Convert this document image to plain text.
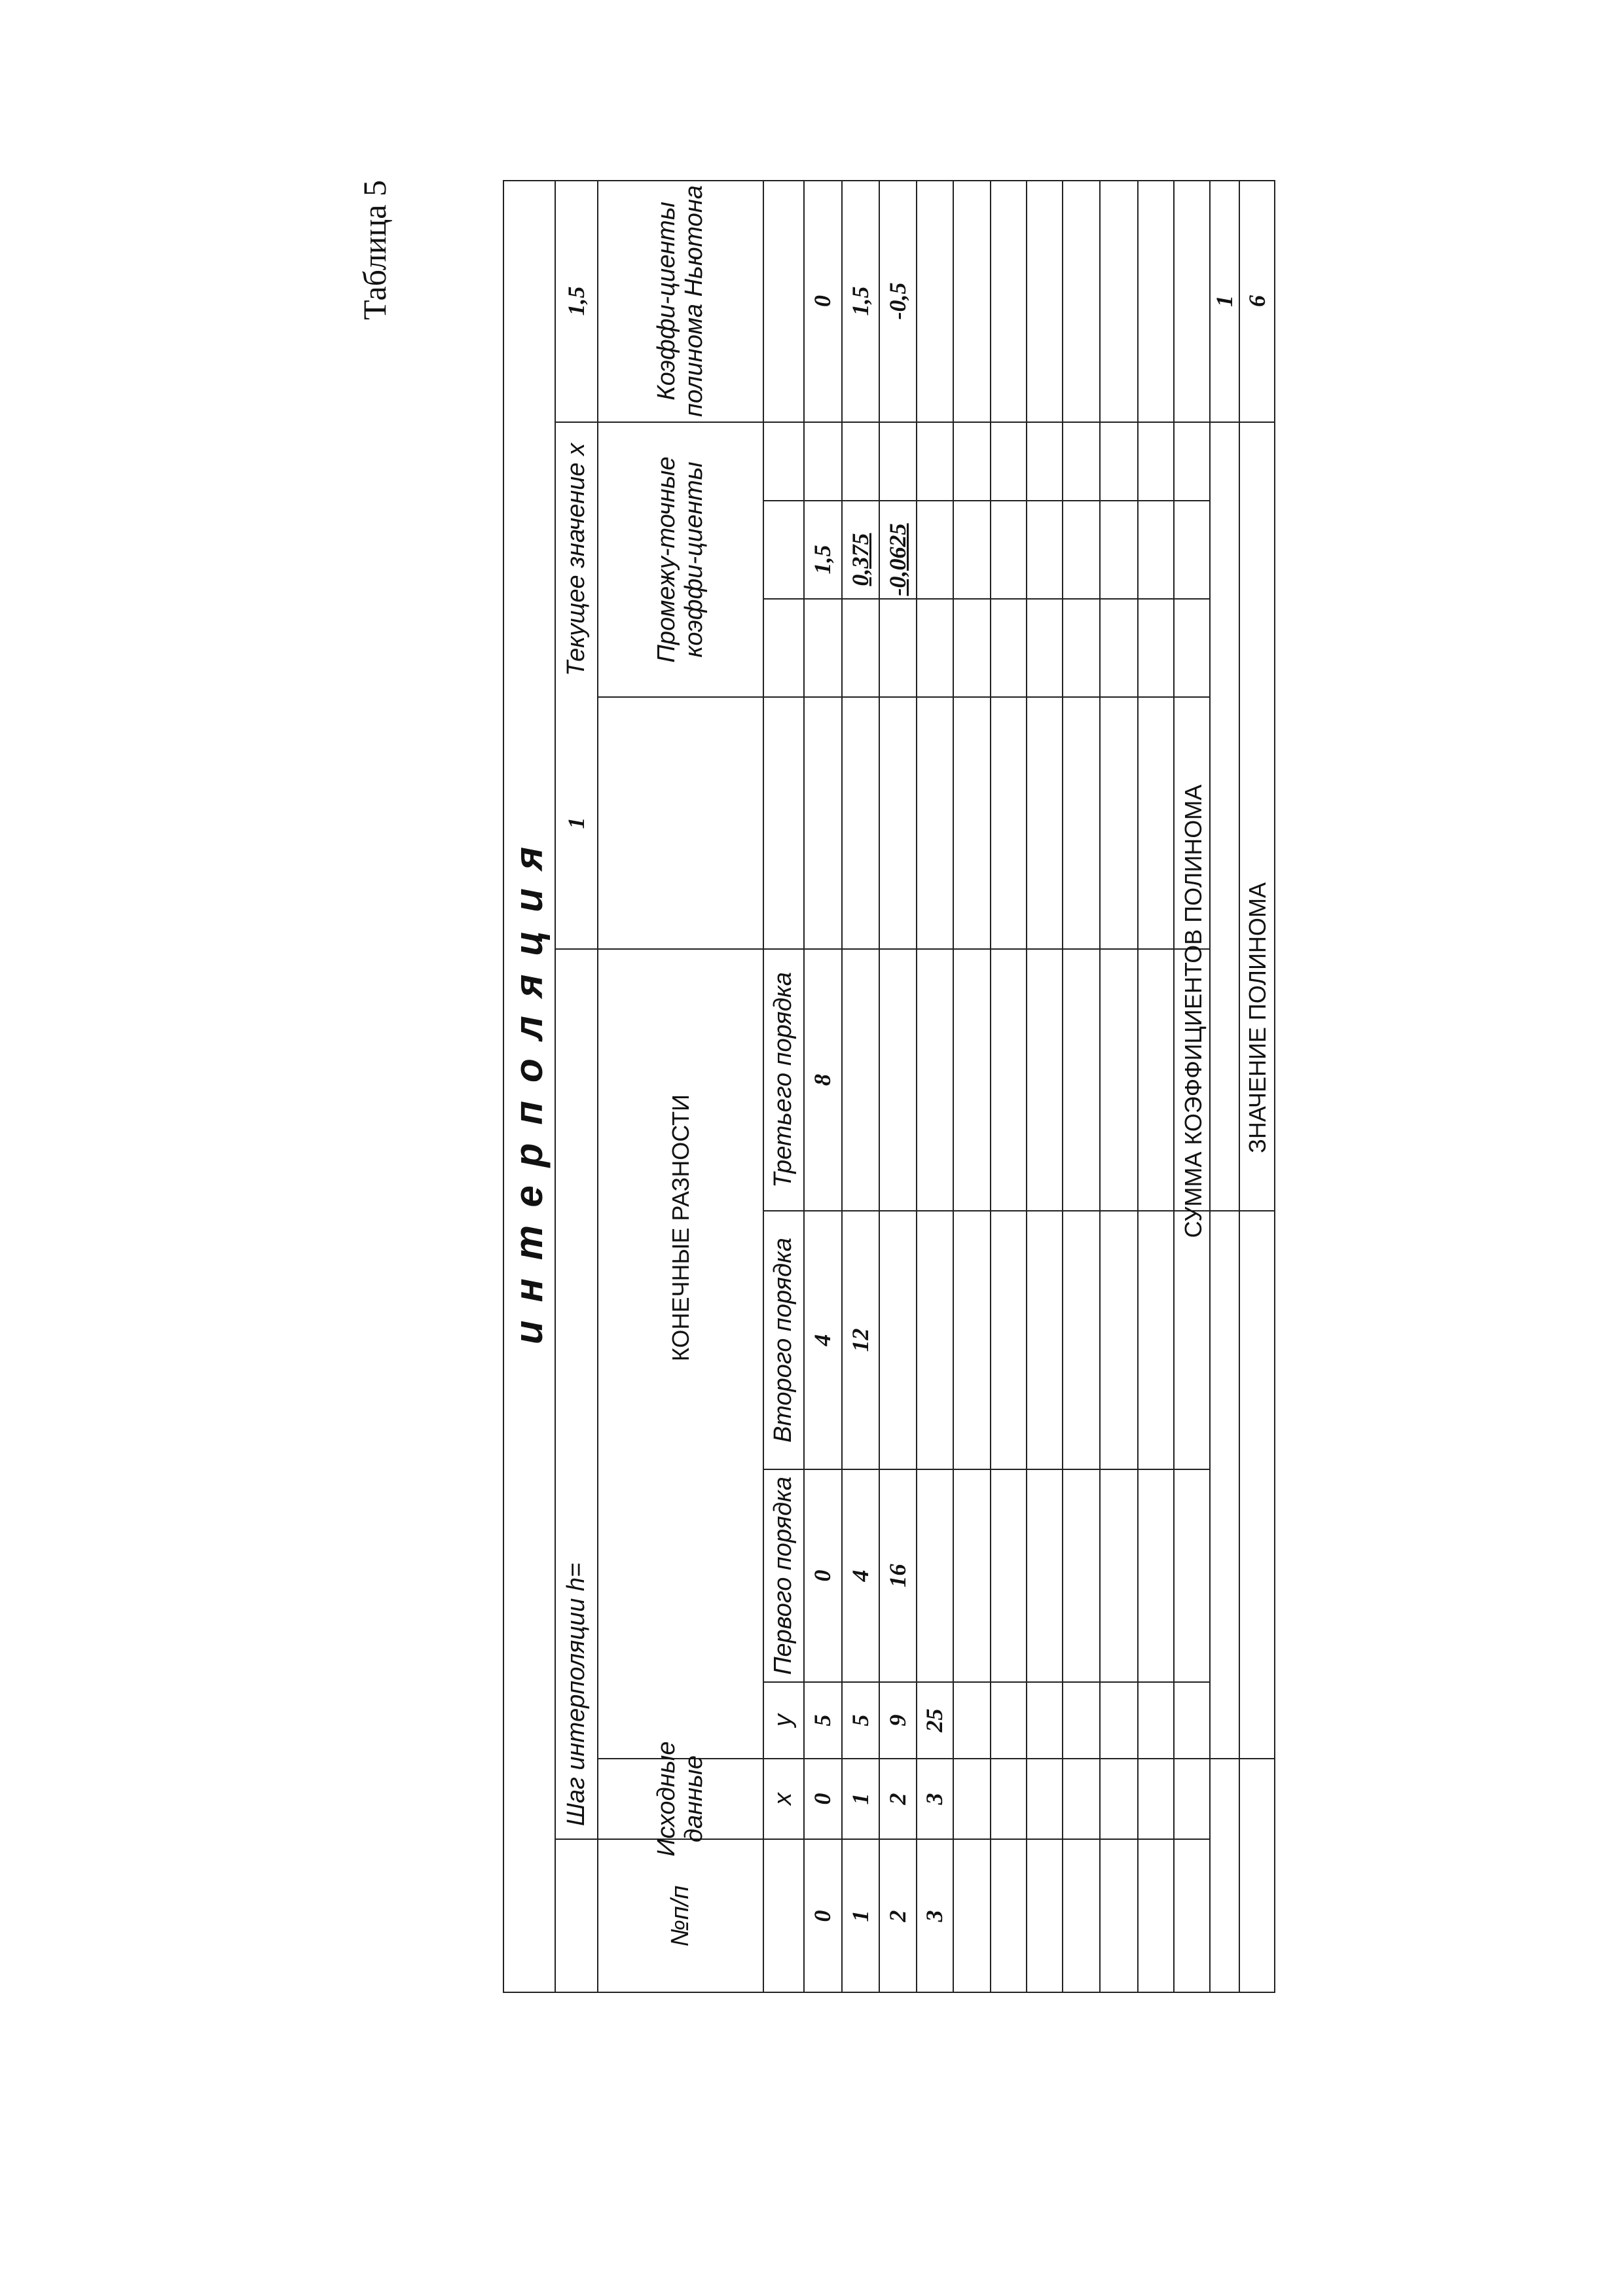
Таблица 5
интерполяция
Шаг интерполяции h=
1
Текущее значение x
1,5
№п/п
Исходные данные
КОНЕЧНЫЕ РАЗНОСТИ
Промежу-точные коэффи-циенты
Коэффи-циенты полинома Ньютона
x
y
Первого порядка
Второго порядка
Третьего порядка
0
0
5
0
4
8
1,5
0
1
1
5
4
12
0,375
1,5
2
2
9
16
-0,0625
-0,5
3
3
25
СУММА КОЭФФИЦИЕНТОВ ПОЛИНОМА
1
ЗНАЧЕНИЕ ПОЛИНОМА
6
